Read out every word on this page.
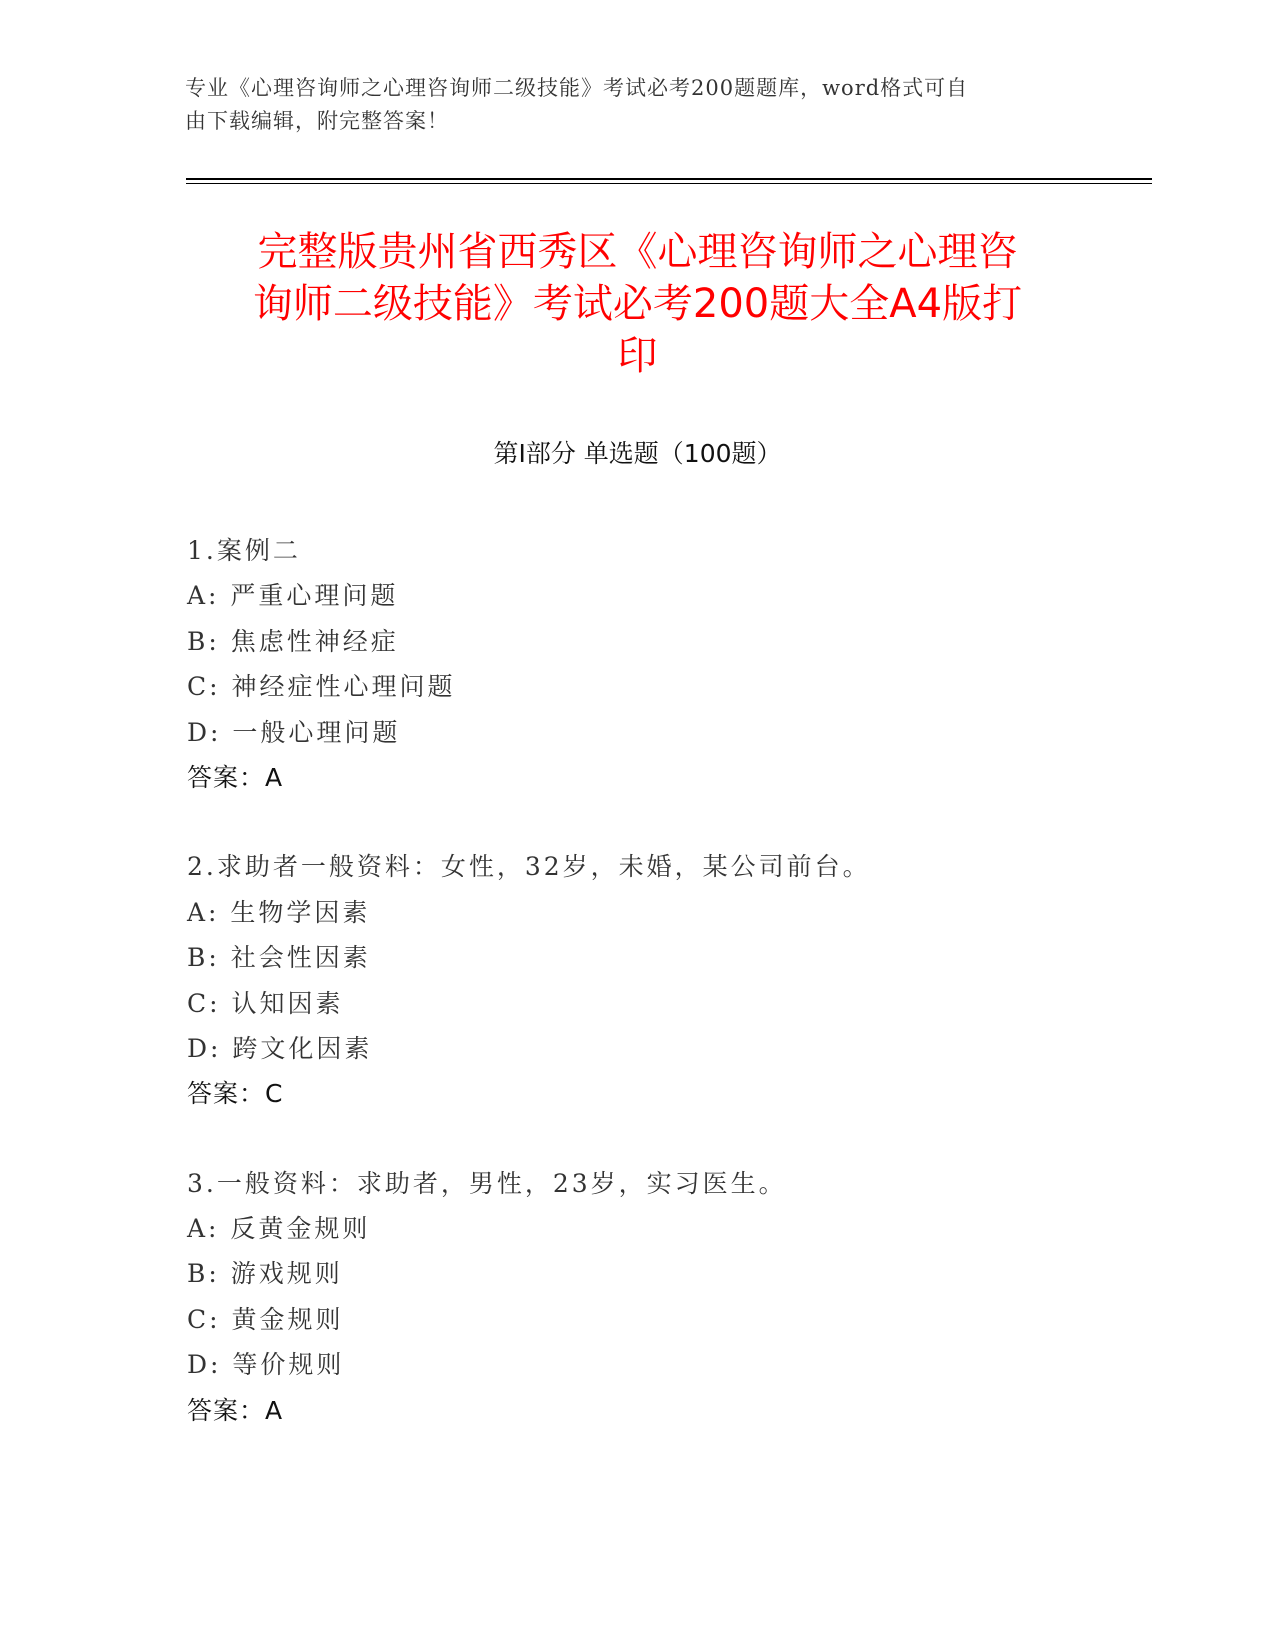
专业《心理咨询师之心理咨询师二级技能》考试必考200题题库，word格式可自
由下载编辑，附完整答案！
完整版贵州省西秀区《心理咨询师之心理咨
询师二级技能》考试必考200题大全A4版打
印
第I部分 单选题（100题）
1.案例二
A: 严重心理问题
B: 焦虑性神经症
C: 神经症性心理问题
D: 一般心理问题
答案：A
2.求助者一般资料：女性，32岁，未婚，某公司前台。
A: 生物学因素
B: 社会性因素
C: 认知因素
D: 跨文化因素
答案：C
3.一般资料：求助者，男性，23岁，实习医生。
A: 反黄金规则
B: 游戏规则
C: 黄金规则
D: 等价规则
答案：A
